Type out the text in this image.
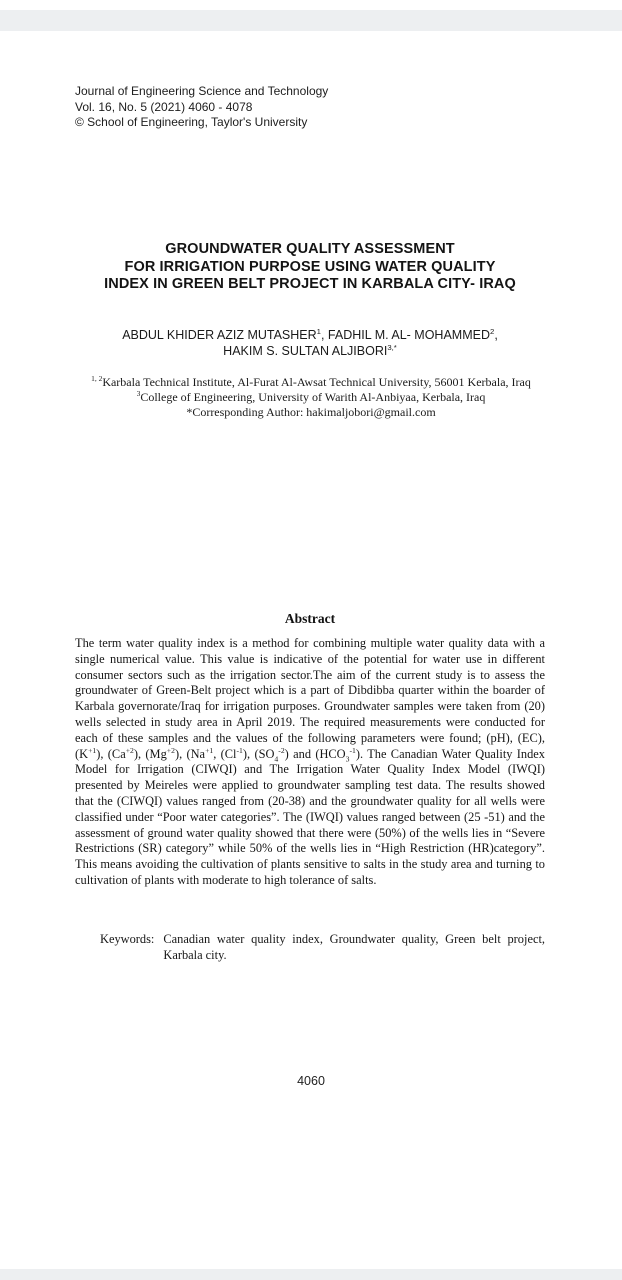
Journal of Engineering Science and Technology
Vol. 16, No. 5 (2021) 4060 - 4078
© School of Engineering, Taylor's University
GROUNDWATER QUALITY ASSESSMENT
FOR IRRIGATION PURPOSE USING WATER QUALITY
INDEX IN GREEN BELT PROJECT IN KARBALA CITY- IRAQ
ABDUL KHIDER AZIZ MUTASHER$^1$, FADHIL M. AL- MOHAMMED$^2$,
HAKIM S. SULTAN $ALJIBORI^{3,*}$
$^{1, 2}$Karbala Technical Institute, Al-Furat Al-Awsat Technical University, 56001 Kerbala, Iraq
$^3$College of Engineering, University of Warith Al-Anbiyaa, Kerbala, Iraq
*Corresponding Author: hakimaljobori@gmail.com
Abstract
The term water quality index is a method for combining multiple water quality data with a single numerical value. This value is indicative of the potential for water use in different consumer sectors such as the irrigation sector.The aim of the current study is to assess the groundwater of Green-Belt project which is a part of Dibdibba quarter within the boarder of Karbala governorate/Iraq for irrigation purposes. Groundwater samples were taken from (20) wells selected in study area in April 2019. The required measurements were conducted for each of these samples and the values of the following parameters were found; (pH), (EC), $(K^{+1})$, $(Ca^{+2})$, $(Mg^{+2})$, ($Na^{+1}$, $(Cl^{-1})$, $(SO_4^{-2})$ and $(HCO_3^{-1})$. The Canadian Water Quality Index Model for Irrigation (CIWQI) and The Irrigation Water Quality Index Model (IWQI) presented by Meireles were applied to groundwater sampling test data. The results showed that the (CIWQI) values ranged from (20-38) and the groundwater quality for all wells were classified under “Poor water categories”. The (IWQI) values ranged between (25 -51) and the assessment of ground water quality showed that there were (50%) of the wells lies in “Severe Restrictions (SR) category” while 50% of the wells lies in “High Restriction (HR)category”. This means avoiding the cultivation of plants sensitive to salts in the study area and turning to cultivation of plants with moderate to high tolerance of salts.
Keywords: Canadian water quality index, Groundwater quality, Green belt project, Karbala city.
4060
